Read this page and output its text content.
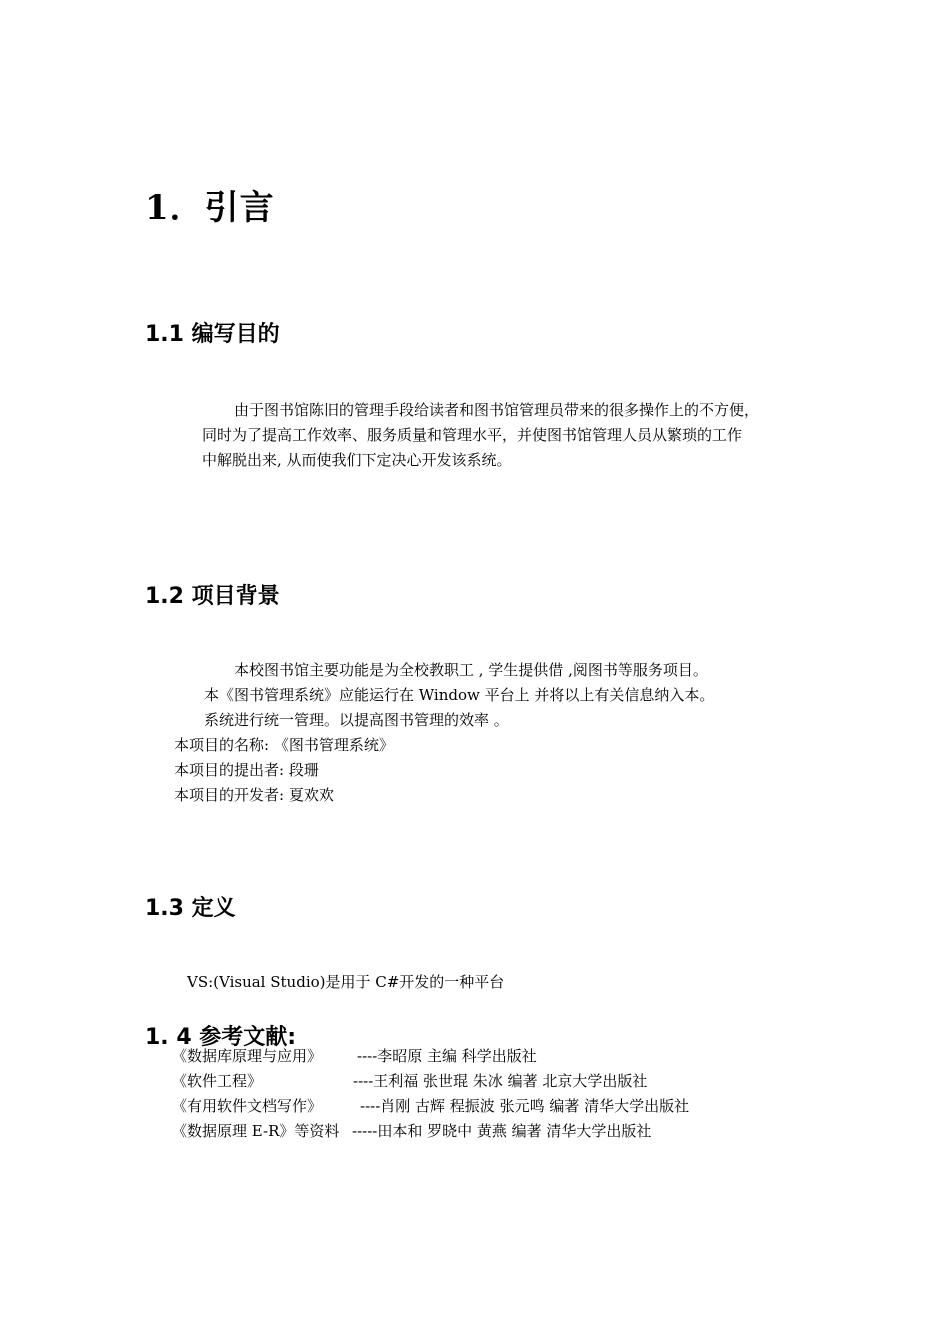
1．引言
1.1 编写目的
由于图书馆陈旧的管理手段给读者和图书馆管理员带来的很多操作上的不方便，
同时为了提高工作效率、服务质量和管理水平，并使图书馆管理人员从繁琐的工作
中解脱出来, 从而使我们下定决心开发该系统。
1.2 项目背景
本校图书馆主要功能是为全校教职工 , 学生提供借 ,阅图书等服务项目。
本《图书管理系统》应能运行在 Window 平台上 并将以上有关信息纳入本。
系统进行统一管理。以提高图书管理的效率 。
本项目的名称: 《图书管理系统》
本项目的提出者: 段珊
本项目的开发者: 夏欢欢
1.3 定义
VS:(Visual Studio)是用于 C#开发的一种平台
1. 4 参考文献:
《数据库原理与应用》 ----李昭原 主编 科学出版社
《软件工程》	----王利福 张世琨 朱冰 编著 北京大学出版社
《有用软件文档写作》	----肖刚 古辉 程振波 张元鸣 编著 清华大学出版社
《数据原理 E-R》等资料 -----田本和 罗晓中 黄燕 编著 清华大学出版社
